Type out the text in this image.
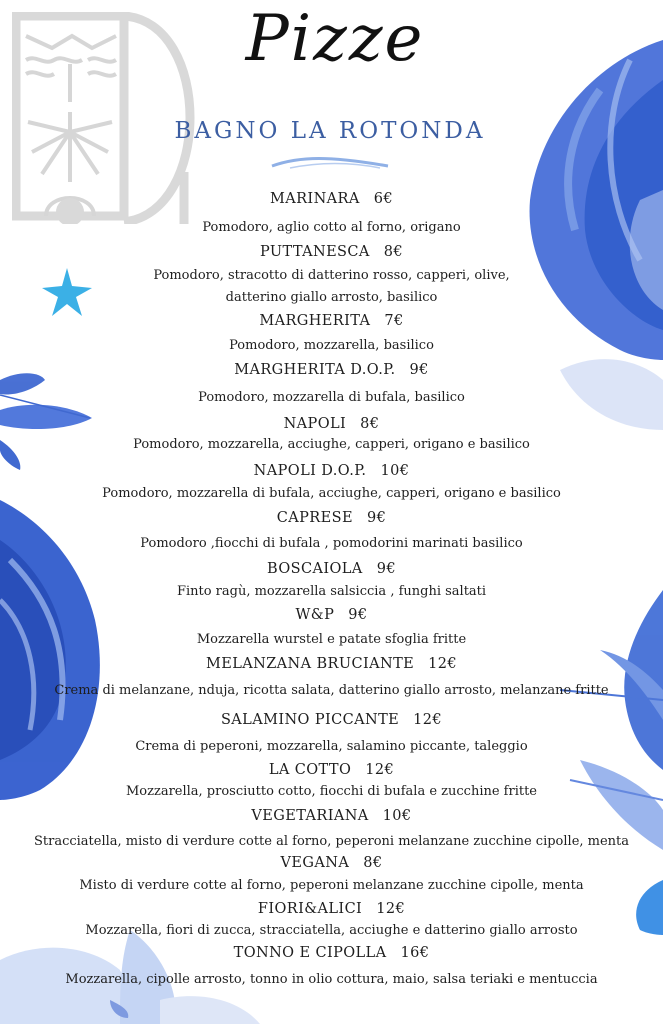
Pizze
BAGNO LA ROTONDA
MARINARA 6€
Pomodoro, aglio cotto al forno, origano
PUTTANESCA 8€
Pomodoro, stracotto di datterino rosso, capperi, olive,
datterino giallo arrosto, basilico
MARGHERITA 7€
Pomodoro, mozzarella, basilico
MARGHERITA D.O.P. 9€
Pomodoro, mozzarella di bufala, basilico
NAPOLI 8€
Pomodoro, mozzarella, acciughe, capperi, origano e basilico
NAPOLI D.O.P. 10€
Pomodoro, mozzarella di bufala, acciughe, capperi, origano e basilico
CAPRESE 9€
Pomodoro ,fiocchi di bufala , pomodorini marinati basilico
BOSCAIOLA 9€
Finto ragù, mozzarella salsiccia , funghi saltati
W&P 9€
Mozzarella wurstel e patate sfoglia fritte
MELANZANA BRUCIANTE 12€
Crema di melanzane, nduja, ricotta salata, datterino giallo arrosto, melanzane fritte
SALAMINO PICCANTE 12€
Crema di peperoni, mozzarella, salamino piccante, taleggio
LA COTTO 12€
Mozzarella, prosciutto cotto, fiocchi di bufala e zucchine fritte
VEGETARIANA 10€
Stracciatella, misto di verdure cotte al forno, peperoni melanzane zucchine cipolle, menta
VEGANA 8€
Misto di verdure cotte al forno, peperoni melanzane zucchine cipolle, menta
FIORI&ALICI 12€
Mozzarella, fiori di zucca, stracciatella, acciughe e datterino giallo arrosto
TONNO E CIPOLLA 16€
Mozzarella, cipolle arrosto, tonno in olio cottura, maio, salsa teriaki e mentuccia
